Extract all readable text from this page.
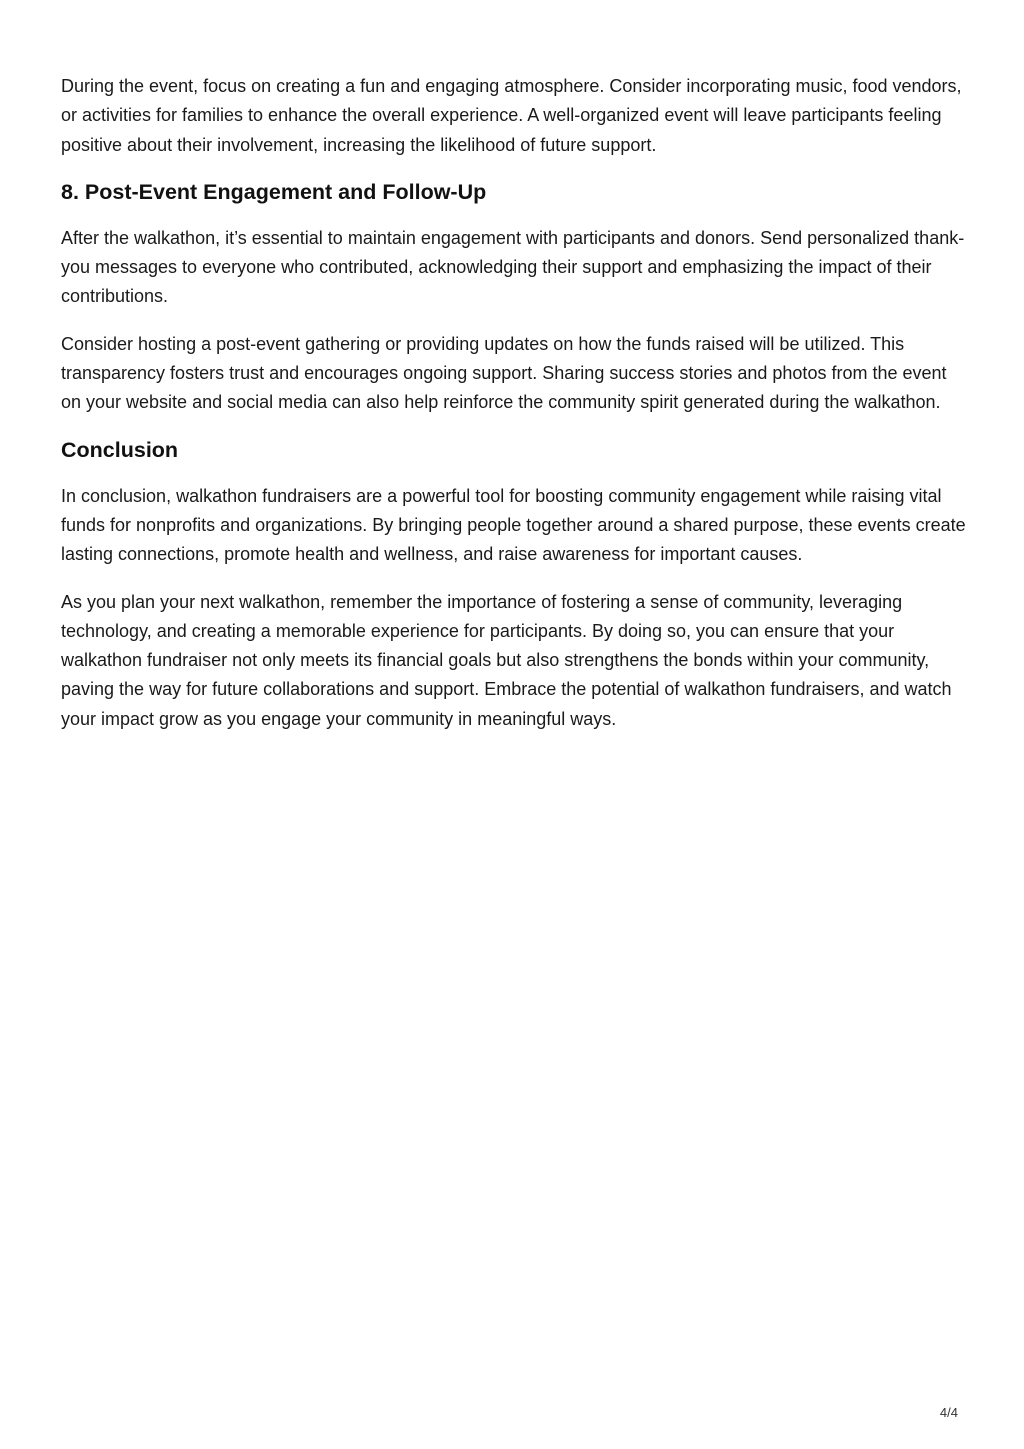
During the event, focus on creating a fun and engaging atmosphere. Consider incorporating music, food vendors, or activities for families to enhance the overall experience. A well-organized event will leave participants feeling positive about their involvement, increasing the likelihood of future support.

8. Post-Event Engagement and Follow-Up

After the walkathon, it’s essential to maintain engagement with participants and donors. Send personalized thank-you messages to everyone who contributed, acknowledging their support and emphasizing the impact of their contributions.

Consider hosting a post-event gathering or providing updates on how the funds raised will be utilized. This transparency fosters trust and encourages ongoing support. Sharing success stories and photos from the event on your website and social media can also help reinforce the community spirit generated during the walkathon.

Conclusion

In conclusion, walkathon fundraisers are a powerful tool for boosting community engagement while raising vital funds for nonprofits and organizations. By bringing people together around a shared purpose, these events create lasting connections, promote health and wellness, and raise awareness for important causes.

As you plan your next walkathon, remember the importance of fostering a sense of community, leveraging technology, and creating a memorable experience for participants. By doing so, you can ensure that your walkathon fundraiser not only meets its financial goals but also strengthens the bonds within your community, paving the way for future collaborations and support. Embrace the potential of walkathon fundraisers, and watch your impact grow as you engage your community in meaningful ways.

4/4
